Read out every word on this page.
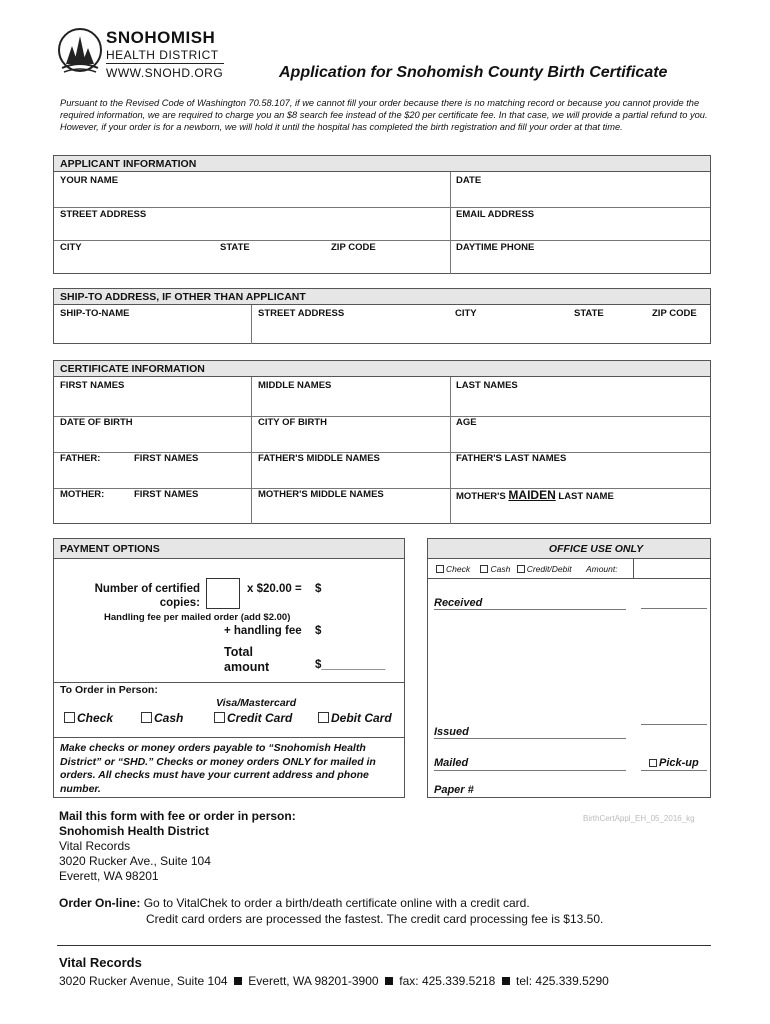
SNOHOMISH
HEALTH DISTRICT
WWW.SNOHD.ORG	Application for Snohomish County Birth Certificate
Pursuant to the Revised Code of Washington 70.58.107, if we cannot fill your order because there is no matching record or because you cannot provide the required information, we are required to charge you an $8 search fee instead of the $20 per certificate fee. In that case, we will provide a partial refund to you. However, if your order is for a newborn, we will hold it until the hospital has completed the birth registration and fill your order at that time.
APPLICANT INFORMATION
YOUR NAME	DATE
STREET ADDRESS	EMAIL ADDRESS
CITY	STATE	ZIP CODE	DAYTIME PHONE
SHIP-TO ADDRESS, IF OTHER THAN APPLICANT
SHIP-TO-NAME	STREET ADDRESS	CITY	STATE	ZIP CODE
CERTIFICATE INFORMATION
FIRST NAMES	MIDDLE NAMES	LAST NAMES
DATE OF BIRTH	CITY OF BIRTH	AGE
FATHER:	FIRST NAMES	FATHER'S MIDDLE NAMES	FATHER'S LAST NAMES
MOTHER:	FIRST NAMES	MOTHER'S MIDDLE NAMES	MOTHER'S MAIDEN LAST NAME
PAYMENT OPTIONS
Number of certified
copies:
x $20.00 = $
Handling fee per mailed order (add $2.00)
+ handling fee $
Total
amount	$__________
To Order in Person:
Visa/Mastercard
Check	Cash	Credit Card	Debit Card
Make checks or money orders payable to “Snohomish Health District” or “SHD.” Checks or money orders ONLY for mailed in orders. All checks must have your current address and phone number.
OFFICE USE ONLY
Check Cash Credit/Debit Amount:
Received
Issued
Mailed	Pick-up
Paper #
BirthCertAppl_EH_05_2016_kg
Mail this form with fee or order in person:
Snohomish Health District
Vital Records
3020 Rucker Ave., Suite 104
Everett, WA 98201
Order On-line: Go to VitalChek to order a birth/death certificate online with a credit card.
Credit card orders are processed the fastest. The credit card processing fee is $13.50.
Vital Records
3020 Rucker Avenue, Suite 104 Everett, WA 98201-3900 fax: 425.339.5218 tel: 425.339.5290
